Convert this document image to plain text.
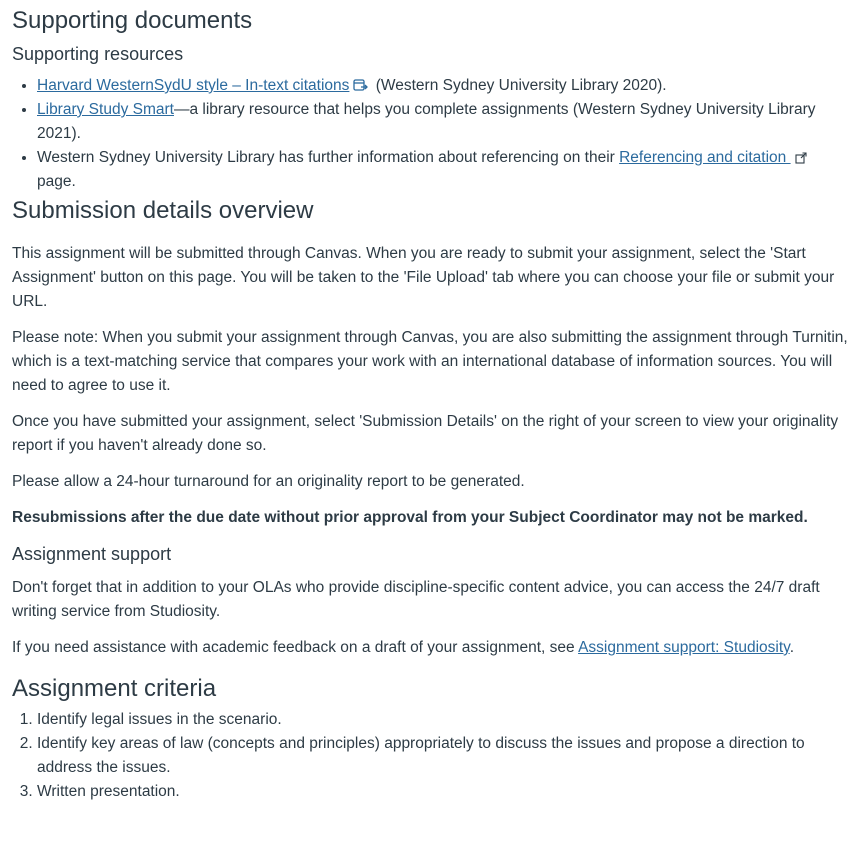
Supporting documents
Supporting resources
• Harvard WesternSydU style – In-text citations
(Western Sydney University Library 2020).
• Library Study Smart—a library resource that helps you complete assignments (Western Sydney University Library 2021).
• Western Sydney University Library has further information about referencing on their Referencing and citation

page.
Submission details overview

This assignment will be submitted through Canvas. When you are ready to submit your assignment, select the 'Start Assignment' button on this page. You will be taken to the 'File Upload' tab where you can choose your file or submit your URL.

Please note: When you submit your assignment through Canvas, you are also submitting the assignment through Turnitin, which is a text-matching service that compares your work with an international database of information sources. You will need to agree to use it.

Once you have submitted your assignment, select 'Submission Details' on the right of your screen to view your originality report if you haven't already done so.

Please allow a 24-hour turnaround for an originality report to be generated.

Resubmissions after the due date without prior approval from your Subject Coordinator may not be marked.

Assignment support

Don't forget that in addition to your OLAs who provide discipline-specific content advice, you can access the 24/7 draft writing service from Studiosity.

If you need assistance with academic feedback on a draft of your assignment, see Assignment support: Studiosity.

Assignment criteria
1. Identify legal issues in the scenario.
2. Identify key areas of law (concepts and principles) appropriately to discuss the issues and propose a direction to address the issues.
3. Written presentation.
